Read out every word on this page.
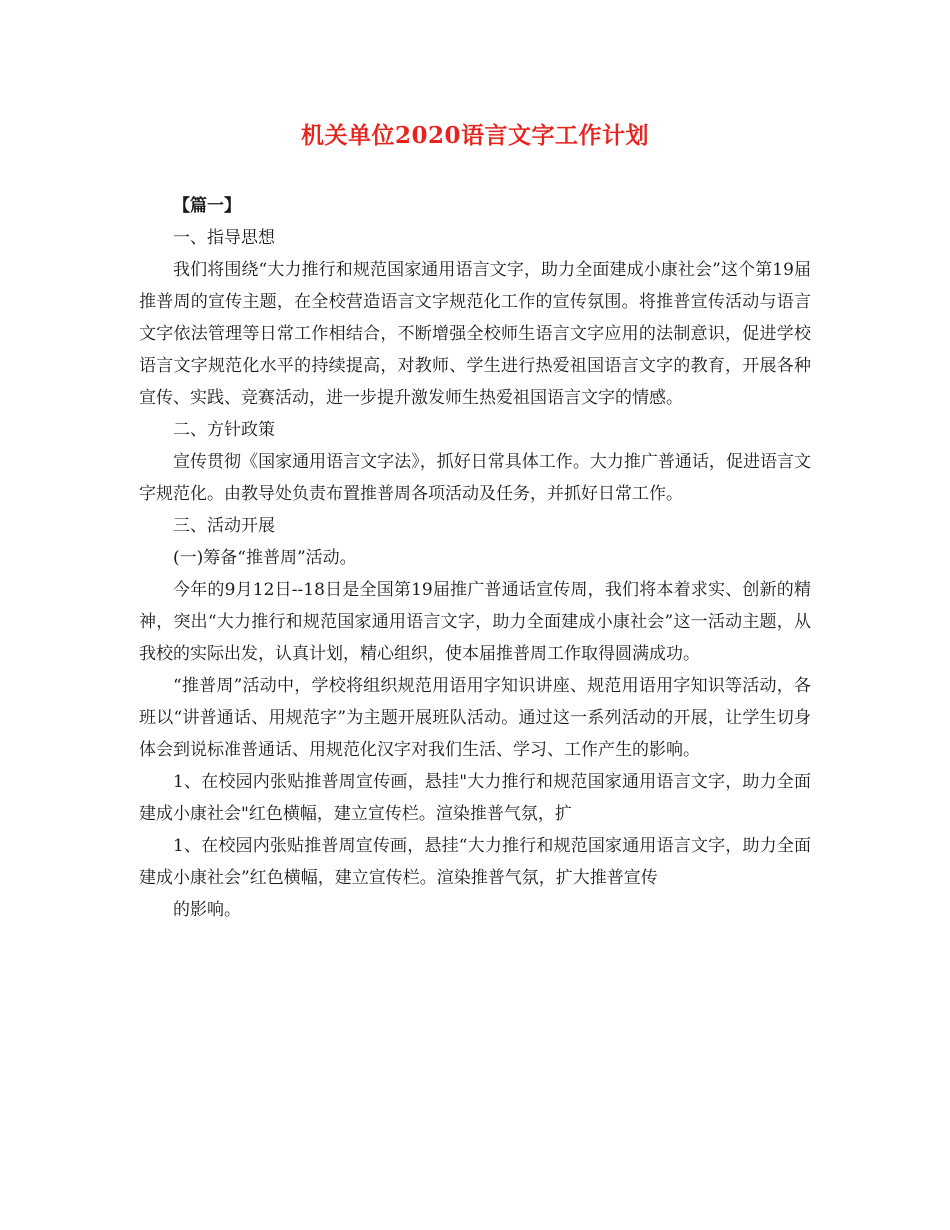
机关单位2020语言文字工作计划

【篇一】

一、指导思想

我们将围绕“大力推行和规范国家通用语言文字，助力全面建成小康社会”这个第19届推普周的宣传主题，在全校营造语言文字规范化工作的宣传氛围。将推普宣传活动与语言文字依法管理等日常工作相结合，不断增强全校师生语言文字应用的法制意识，促进学校语言文字规范化水平的持续提高，对教师、学生进行热爱祖国语言文字的教育，开展各种宣传、实践、竞赛活动，进一步提升激发师生热爱祖国语言文字的情感。

二、方针政策

宣传贯彻《国家通用语言文字法》，抓好日常具体工作。大力推广普通话，促进语言文字规范化。由教导处负责布置推普周各项活动及任务，并抓好日常工作。

三、活动开展

(一)筹备“推普周”活动。

今年的9月12日--18日是全国第19届推广普通话宣传周，我们将本着求实、创新的精神，突出“大力推行和规范国家通用语言文字，助力全面建成小康社会”这一活动主题，从我校的实际出发，认真计划，精心组织，使本届推普周工作取得圆满成功。

“推普周”活动中，学校将组织规范用语用字知识讲座、规范用语用字知识等活动，各班以“讲普通话、用规范字”为主题开展班队活动。通过这一系列活动的开展，让学生切身体会到说标准普通话、用规范化汉字对我们生活、学习、工作产生的影响。

1、在校园内张贴推普周宣传画，悬挂"大力推行和规范国家通用语言文字，助力全面建成小康社会"红色横幅，建立宣传栏。渲染推普气氛，扩

1、在校园内张贴推普周宣传画，悬挂“大力推行和规范国家通用语言文字，助力全面建成小康社会”红色横幅，建立宣传栏。渲染推普气氛，扩大推普宣传

的影响。
